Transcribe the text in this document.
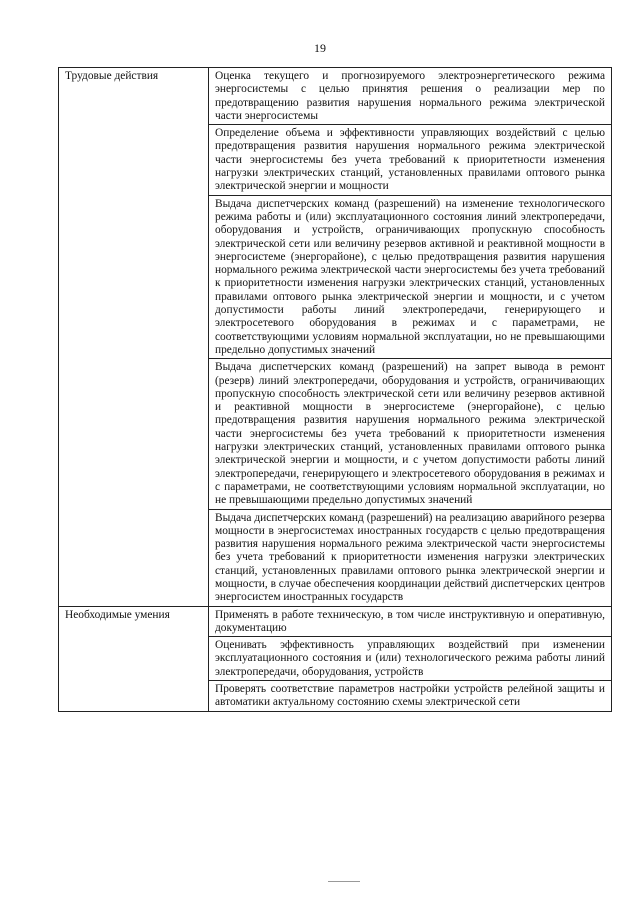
19
Трудовые действия	Оценка текущего и прогнозируемого электроэнергетического режима энергосистемы с целью принятия решения о реализации мер по предотвращению развития нарушения нормального режима электрической части энергосистемы
Определение объема и эффективности управляющих воздействий с целью предотвращения развития нарушения нормального режима электрической части энергосистемы без учета требований к приоритетности изменения нагрузки электрических станций, установленных правилами оптового рынка электрической энергии и мощности
Выдача диспетчерских команд (разрешений) на изменение технологического режима работы и (или) эксплуатационного состояния линий электропередачи, оборудования и устройств, ограничивающих пропускную способность электрической сети или величину резервов активной и реактивной мощности в энергосистеме (энергорайоне), с целью предотвращения развития нарушения нормального режима электрической части энергосистемы без учета требований к приоритетности изменения нагрузки электрических станций, установленных правилами оптового рынка электрической энергии и мощности, и с учетом допустимости работы линий электропередачи, генерирующего и электросетевого оборудования в режимах и с параметрами, не соответствующими условиям нормальной эксплуатации, но не превышающими предельно допустимых значений
Выдача диспетчерских команд (разрешений) на запрет вывода в ремонт (резерв) линий электропередачи, оборудования и устройств, ограничивающих пропускную способность электрической сети или величину резервов активной и реактивной мощности в энергосистеме (энергорайоне), с целью предотвращения развития нарушения нормального режима электрической части энергосистемы без учета требований к приоритетности изменения нагрузки электрических станций, установленных правилами оптового рынка электрической энергии и мощности, и с учетом допустимости работы линий электропередачи, генерирующего и электросетевого оборудования в режимах и с параметрами, не соответствующими условиям нормальной эксплуатации, но не превышающими предельно допустимых значений
Выдача диспетчерских команд (разрешений) на реализацию аварийного резерва мощности в энергосистемах иностранных государств с целью предотвращения развития нарушения нормального режима электрической части энергосистемы без учета требований к приоритетности изменения нагрузки электрических станций, установленных правилами оптового рынка электрической энергии и мощности, в случае обеспечения координации действий диспетчерских центров энергосистем иностранных государств

Необходимые умения	Применять в работе техническую, в том числе инструктивную и оперативную, документацию
Оценивать эффективность управляющих воздействий при изменении эксплуатационного состояния и (или) технологического режима работы линий электропередачи, оборудования, устройств
Проверять соответствие параметров настройки устройств релейной защиты и автоматики актуальному состоянию схемы электрической сети
